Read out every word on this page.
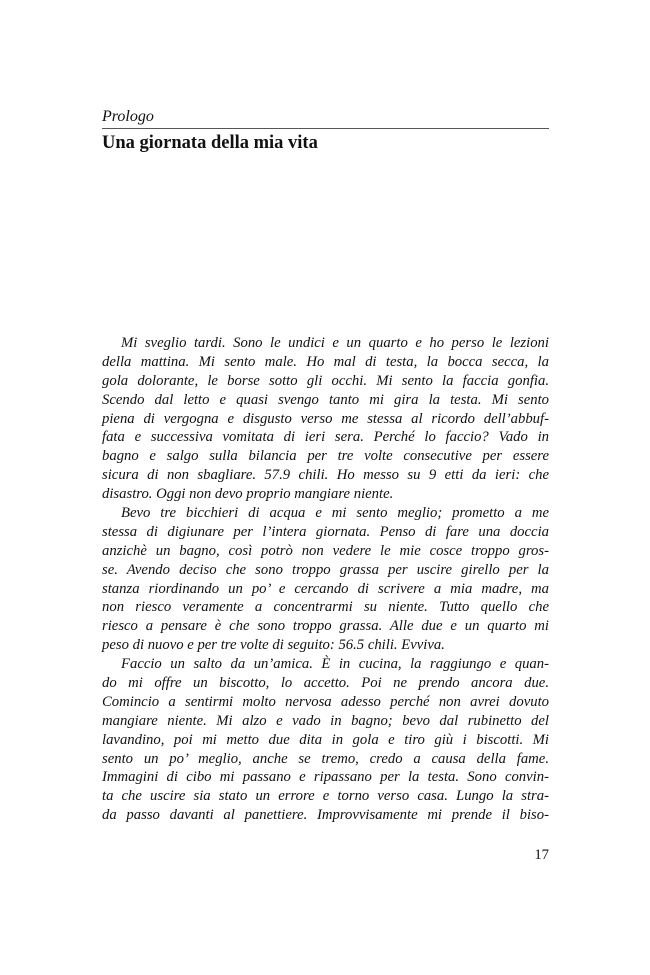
Prologo
Una giornata della mia vita
Mi sveglio tardi. Sono le undici e un quarto e ho perso le lezioni
della mattina. Mi sento male. Ho mal di testa, la bocca secca, la
gola dolorante, le borse sotto gli occhi. Mi sento la faccia gonfia.
Scendo dal letto e quasi svengo tanto mi gira la testa. Mi sento
piena di vergogna e disgusto verso me stessa al ricordo dell’abbuf-
fata e successiva vomitata di ieri sera. Perché lo faccio? Vado in
bagno e salgo sulla bilancia per tre volte consecutive per essere
sicura di non sbagliare. 57.9 chili. Ho messo su 9 etti da ieri: che
disastro. Oggi non devo proprio mangiare niente.
Bevo tre bicchieri di acqua e mi sento meglio; prometto a me
stessa di digiunare per l’intera giornata. Penso di fare una doccia
anzichè un bagno, così potrò non vedere le mie cosce troppo gros-
se. Avendo deciso che sono troppo grassa per uscire girello per la
stanza riordinando un po’ e cercando di scrivere a mia madre, ma
non riesco veramente a concentrarmi su niente. Tutto quello che
riesco a pensare è che sono troppo grassa. Alle due e un quarto mi
peso di nuovo e per tre volte di seguito: 56.5 chili. Evviva.
Faccio un salto da un’amica. È in cucina, la raggiungo e quan-
do mi offre un biscotto, lo accetto. Poi ne prendo ancora due.
Comincio a sentirmi molto nervosa adesso perché non avrei dovuto
mangiare niente. Mi alzo e vado in bagno; bevo dal rubinetto del
lavandino, poi mi metto due dita in gola e tiro giù i biscotti. Mi
sento un po’ meglio, anche se tremo, credo a causa della fame.
Immagini di cibo mi passano e ripassano per la testa. Sono convin-
ta che uscire sia stato un errore e torno verso casa. Lungo la stra-
da passo davanti al panettiere. Improvvisamente mi prende il biso-
17
